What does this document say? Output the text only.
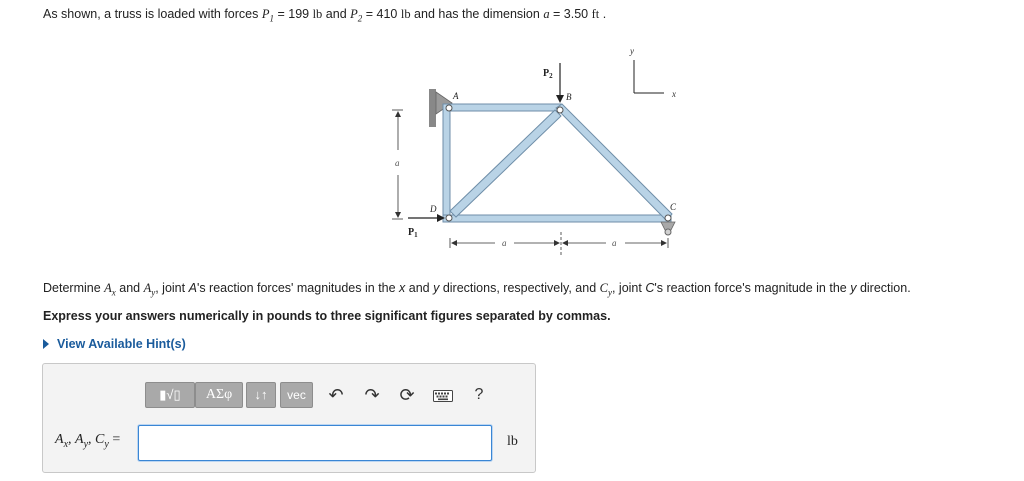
As shown, a truss is loaded with forces $P_1 = 199$ lb and $P_2 = 410$ lb and has the dimension a = 3.50 ft .
y
x
$P_2$
$P_1$
A	B
C
D
a
a	a
Determine $A_x$ and $A_y$, joint A's reaction forces' magnitudes in the x and y directions, respectively, and $C_y$, joint C's reaction force's magnitude in the y direction.
Express your answers numerically in pounds to three significant figures separated by commas.
View Available Hint(s)
▮√▯	ΑΣφ	↓↑	vec	↶ ↷ ⟳	?
$A_x$, $A_y$, $C_y$ =	lb
